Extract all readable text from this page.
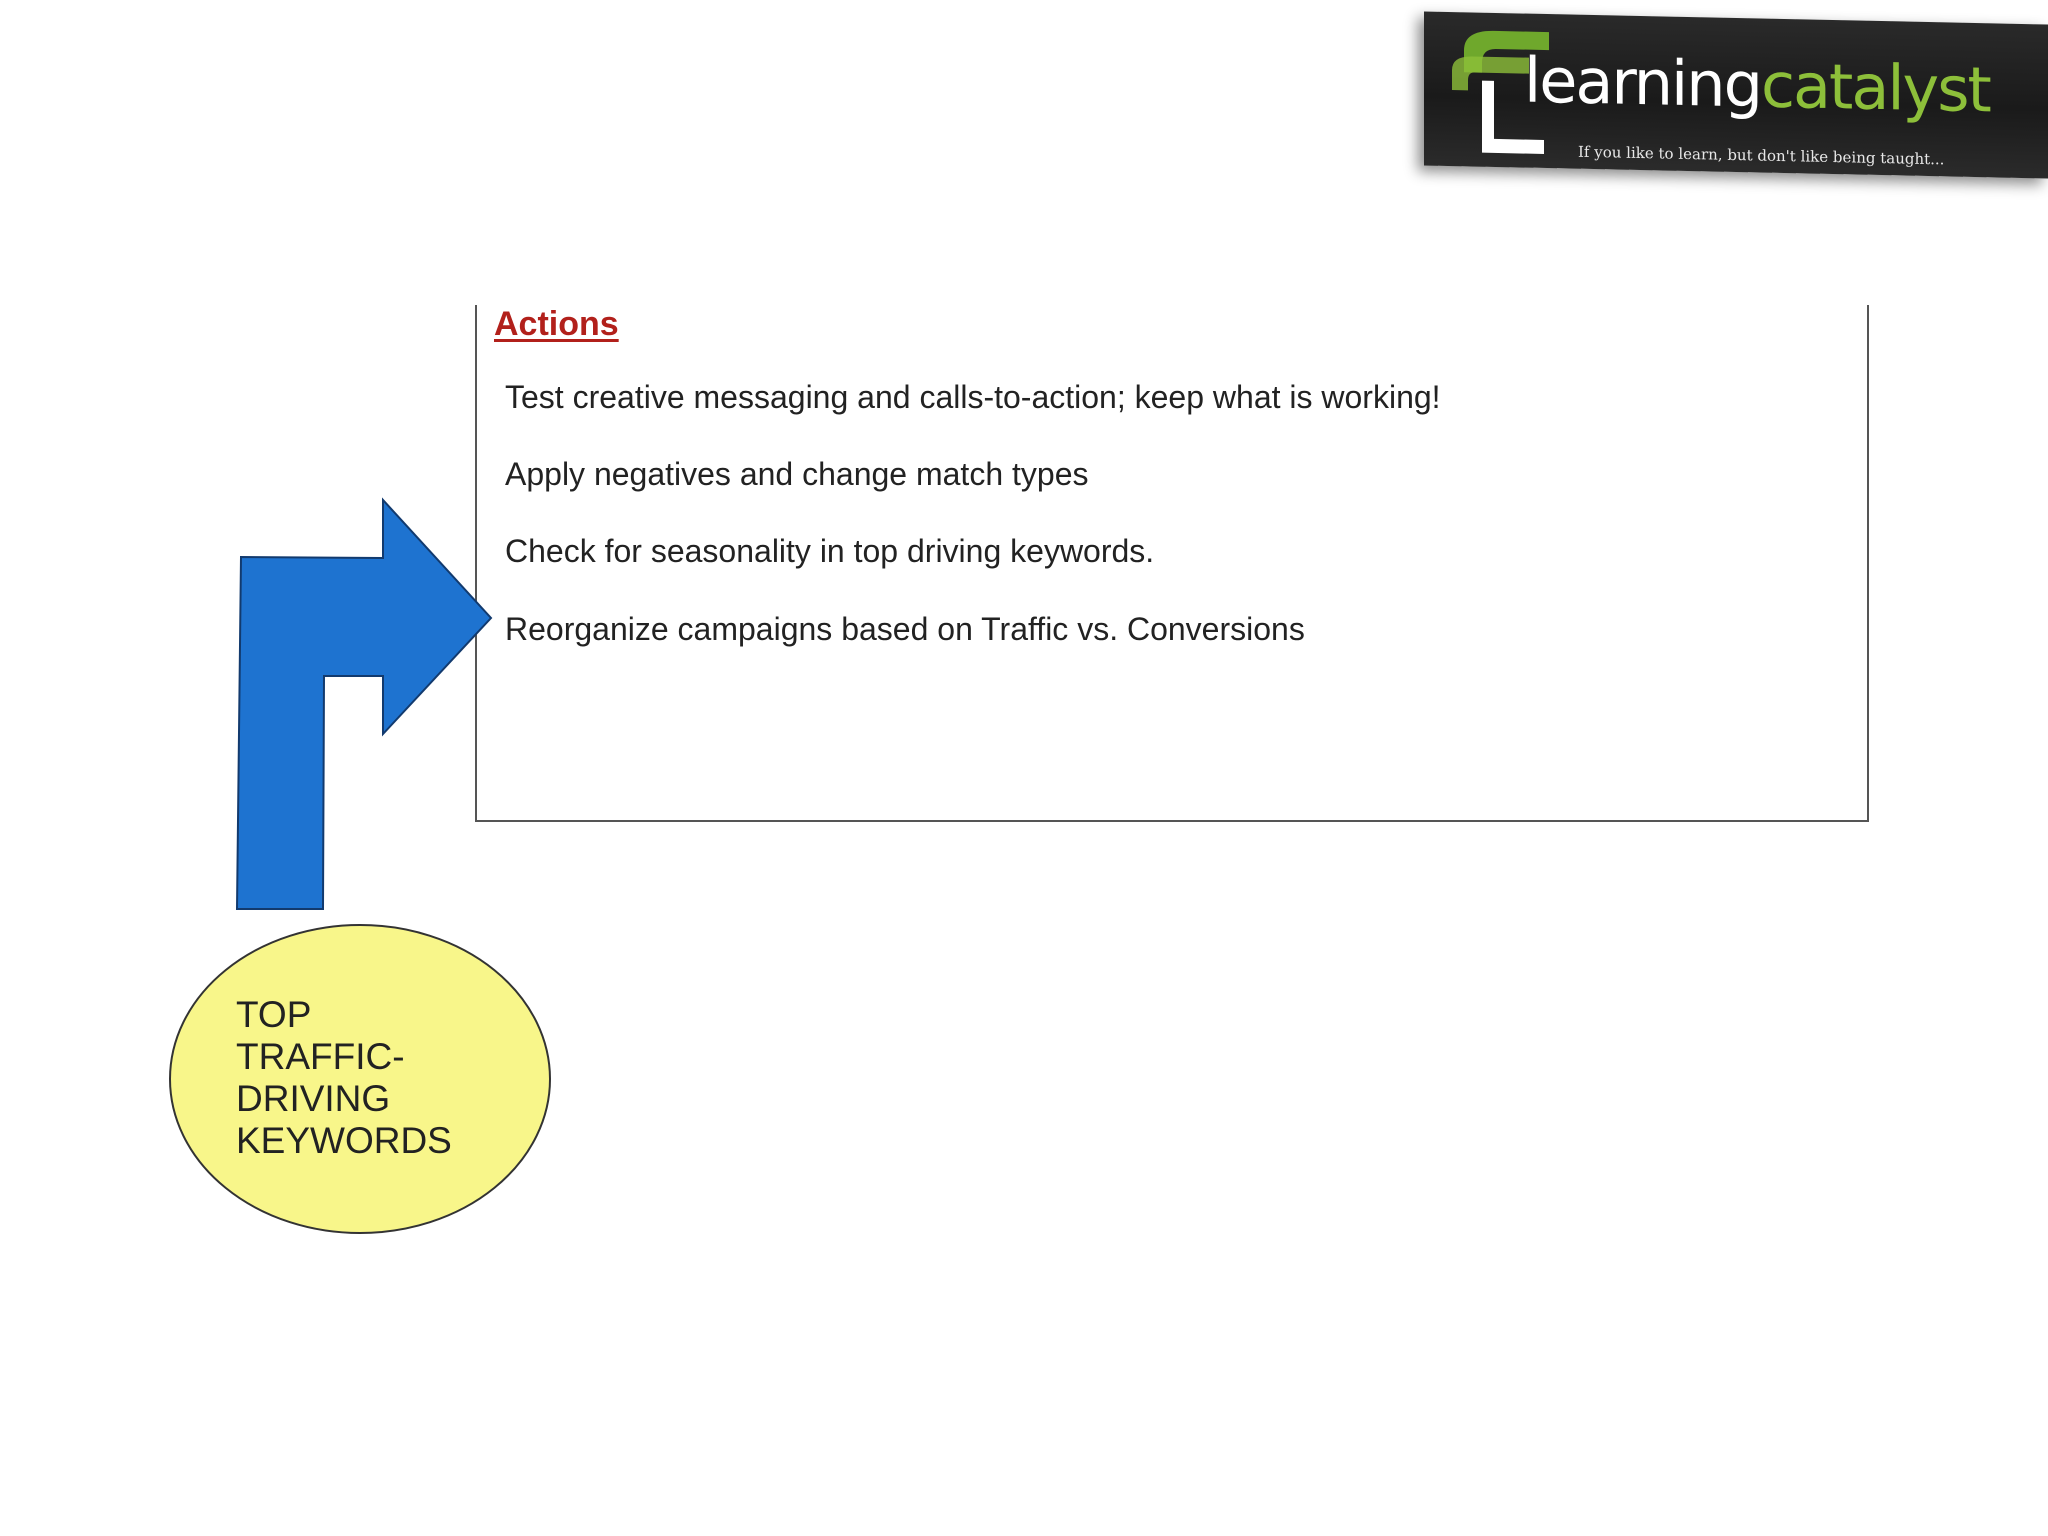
learningcatalyst
If you like to learn, but don't like being taught...
Actions
Test creative messaging and calls-to-action; keep what is working!
Apply negatives and change match types
Check for seasonality in top driving keywords.
Reorganize campaigns based on Traffic vs. Conversions
TOP
TRAFFIC-
DRIVING
KEYWORDS
